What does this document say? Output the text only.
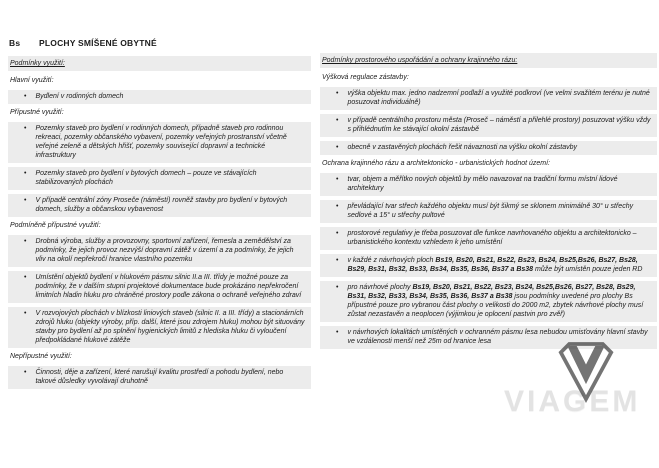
Bs PLOCHY SMÍŠENÉ OBYTNÉ
Podmínky využití:
Hlavní využití:
• Bydlení v rodinných domech
Přípustné využití:
• Pozemky staveb pro bydlení v rodinných domech, případně staveb pro rodinnou rekreaci, pozemky občanského vybavení, pozemky veřejných prostranství včetně veřejné zeleně a dětských hřišť, pozemky související dopravní a technické infrastruktury
• Pozemky staveb pro bydlení v bytových domech – pouze ve stávajících stabilizovaných plochách
• V případě centrální zóny Proseče (náměstí) rovněž stavby pro bydlení v bytových domech, služby a občanskou vybavenost
Podmíněně přípustné využití:
• Drobná výroba, služby a provozovny, sportovní zařízení, řemesla a zemědělství za podmínky, že jejich provoz nezvýší dopravní zátěž v území a za podmínky, že jejich vliv na okolí nepřekročí hranice vlastního pozemku
• Umístění objektů bydlení v hlukovém pásmu silnic II.a III. třídy je možné pouze za podmínky, že v dalším stupni projektové dokumentace bude prokázáno nepřekročení limitních hladin hluku pro chráněné prostory podle zákona o ochraně veřejného zdraví
• V rozvojových plochách v blízkosti liniových staveb (silnic II. a III. třídy) a stacionárních zdrojů hluku (objekty výroby, příp. další, které jsou zdrojem hluku) mohou být situovány stavby pro bydlení až po splnění hygienických limitů z hlediska hluku či vyloučení předpokládané hlukové zátěže
Nepřípustné využití:
• Činnosti, děje a zařízení, které narušují kvalitu prostředí a pohodu bydlení, nebo takové důsledky vyvolávají druhotně
Podmínky prostorového uspořádání a ochrany krajinného rázu:
Výšková regulace zástavby:
• výška objektu max. jedno nadzemní podlaží a využité podkroví (ve velmi svažitém terénu je nutné posuzovat individuálně)
• v případě centrálního prostoru města (Proseč – náměstí a přilehlé prostory) posuzovat výšku vždy s přihlédnutím ke stávající okolní zástavbě
• obecně v zastavěných plochách řešit návaznosti na výšku okolní zástavby
Ochrana krajinného rázu a architektonicko - urbanistických hodnot území:
• tvar, objem a měřítko nových objektů by mělo navazovat na tradiční formu místní lidové architektury
• převládající tvar střech každého objektu musí být šikmý se sklonem minimálně 30° u střechy sedlové a 15° u střechy pultové
• prostorové regulativy je třeba posuzovat dle funkce navrhovaného objektu a architektonicko – urbanistického kontextu vzhledem k jeho umístění
• v každé z návrhových ploch Bs19, Bs20, Bs21, Bs22, Bs23, Bs24, Bs25,Bs26, Bs27, Bs28, Bs29, Bs31, Bs32, Bs33, Bs34, Bs35, Bs36, Bs37 a Bs38 může být umístěn pouze jeden RD
• pro návrhové plochy Bs19, Bs20, Bs21, Bs22, Bs23, Bs24, Bs25,Bs26, Bs27, Bs28, Bs29, Bs31, Bs32, Bs33, Bs34, Bs35, Bs36, Bs37 a Bs38 jsou podmínky uvedené pro plochy Bs přípustné pouze pro vybranou část plochy o velikosti do 2000 m2, zbytek návrhové plochy musí zůstat nezastavěn a neoplocen (výjimkou je oplocení pastvin pro zvěř)
• v návrhových lokalitách umístěných v ochranném pásmu lesa nebudou umisťovány hlavní stavby ve vzdálenosti menší než 25m od hranice lesa
VIAGEM
